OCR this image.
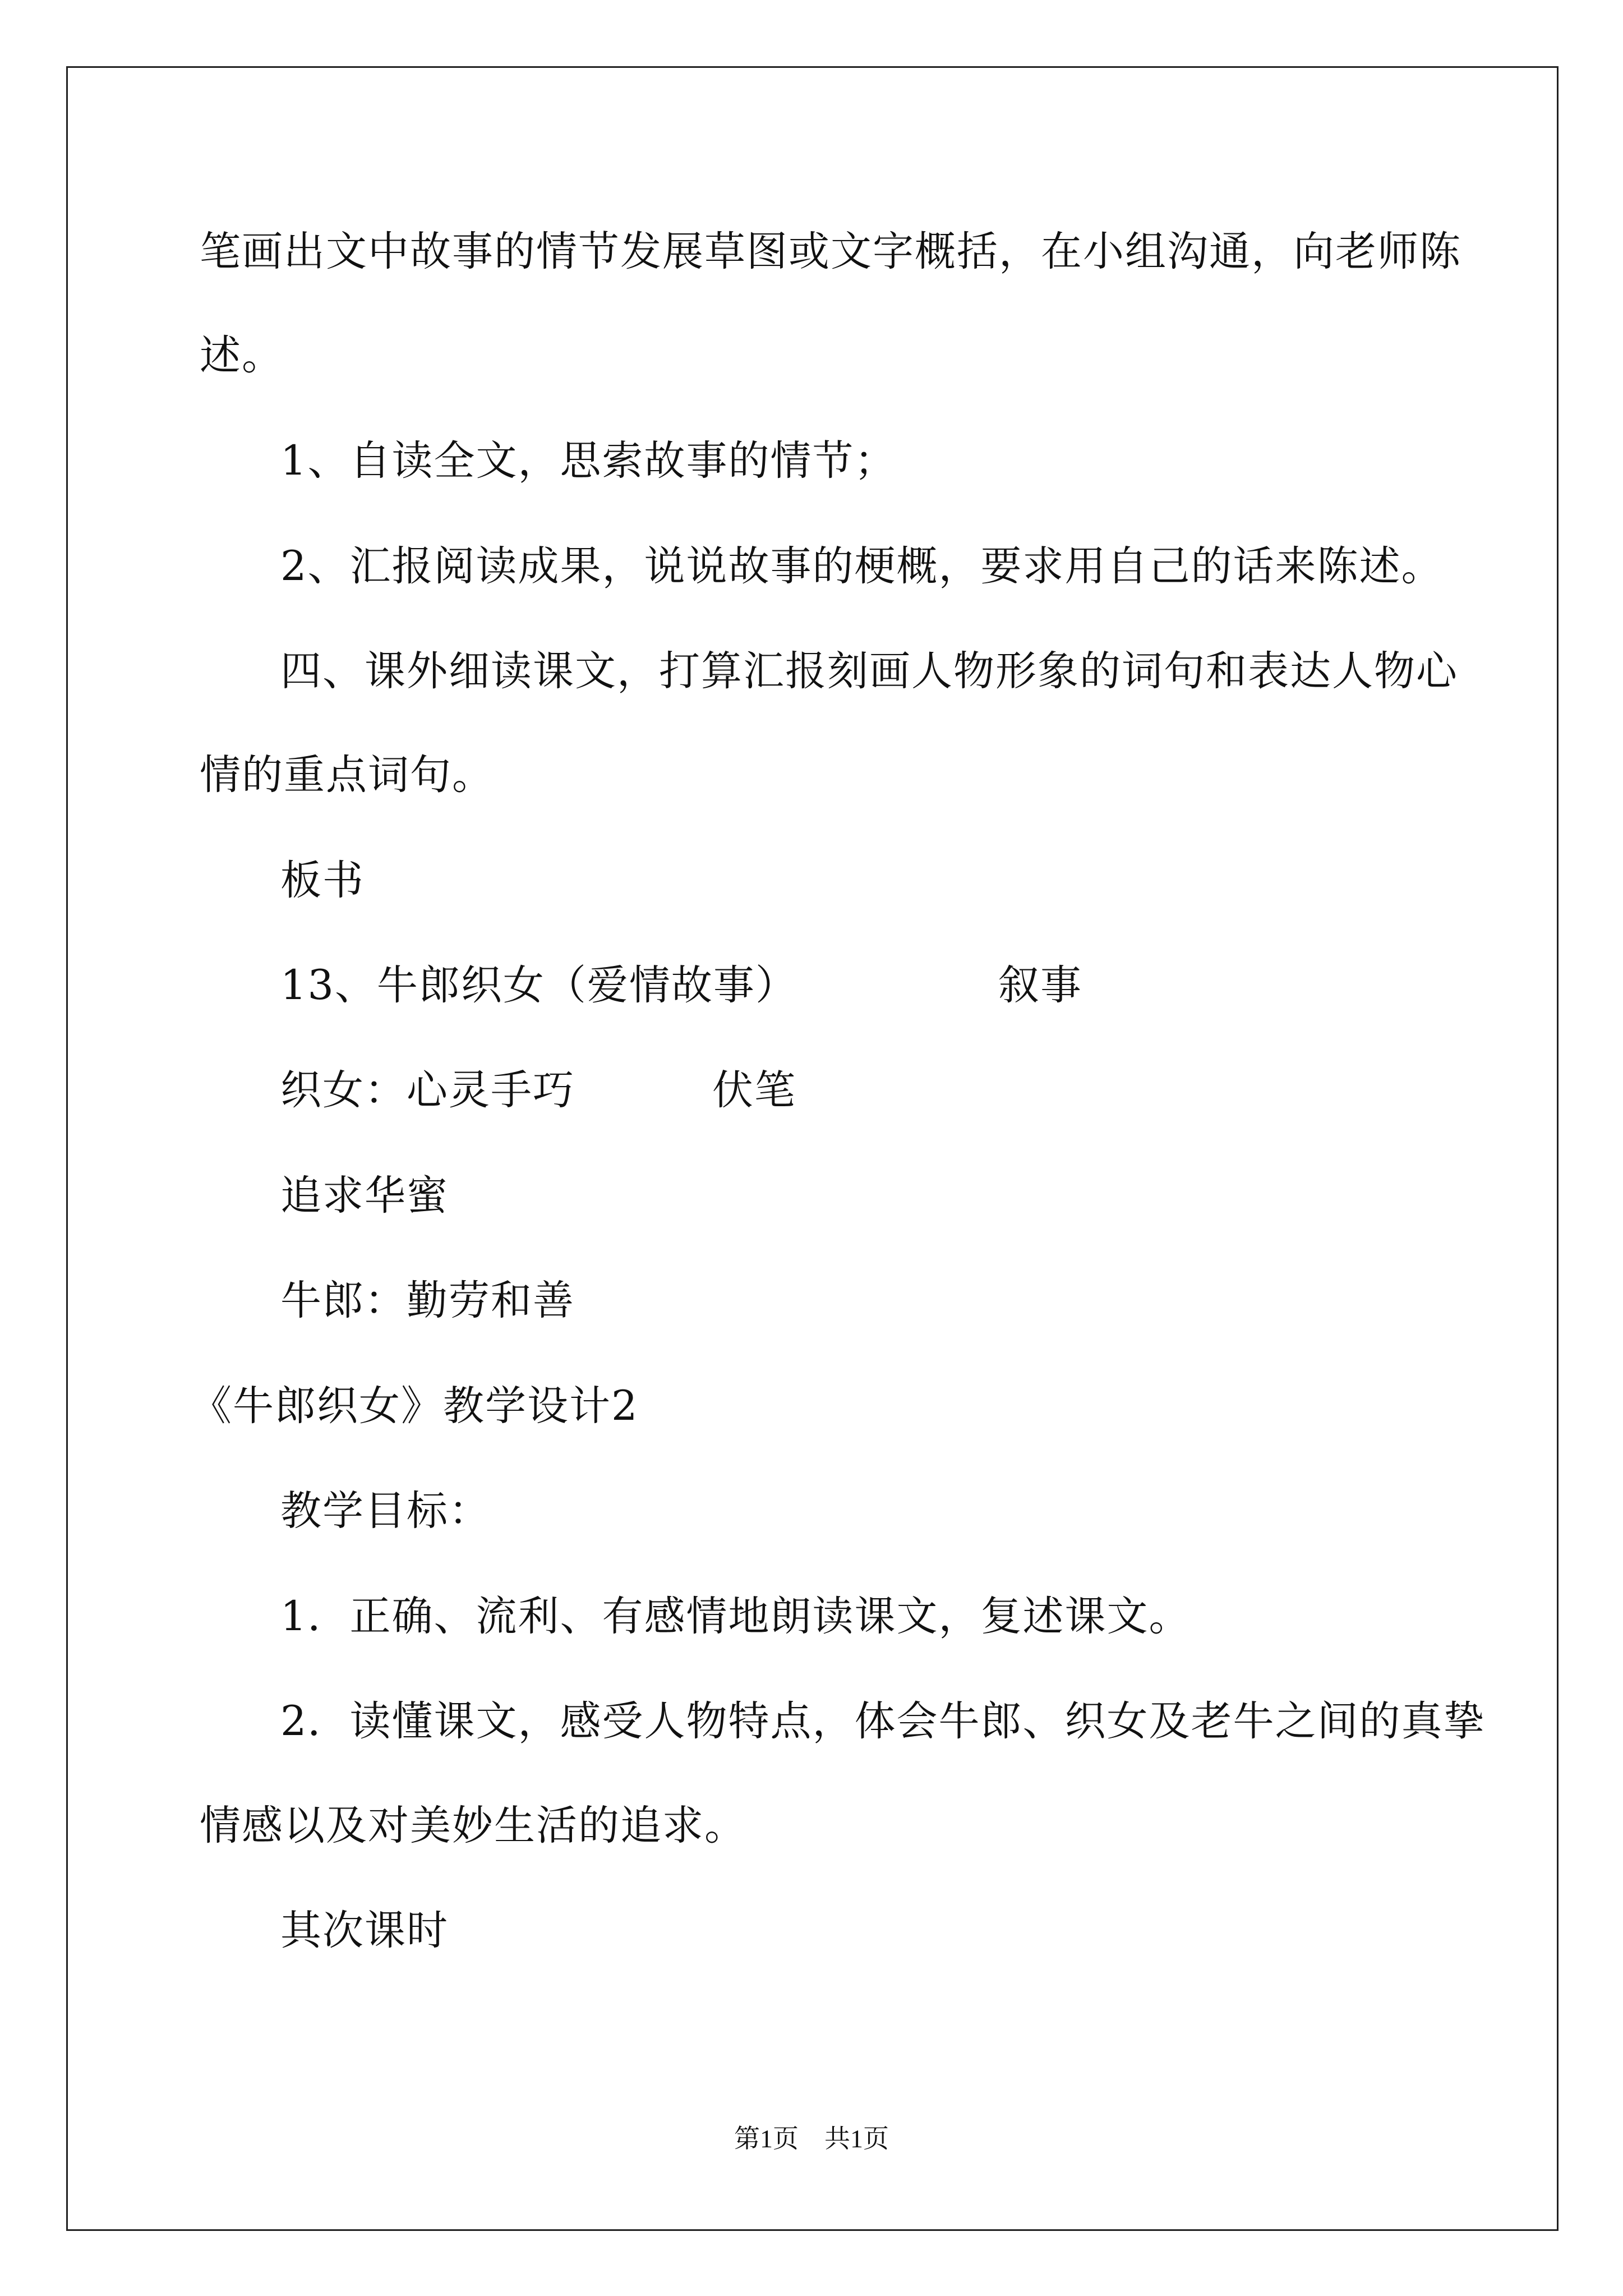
笔画出文中故事的情节发展草图或文字概括，在小组沟通，向老师陈
述。
1、自读全文，思索故事的情节；
2、汇报阅读成果，说说故事的梗概，要求用自己的话来陈述。
四、课外细读课文，打算汇报刻画人物形象的词句和表达人物心
情的重点词句。
板书
13、牛郎织女（爱情故事）	叙事
织女：心灵手巧	伏笔
追求华蜜
牛郎：勤劳和善
《牛郎织女》教学设计2
教学目标：
1．正确、流利、有感情地朗读课文，复述课文。
2．读懂课文，感受人物特点，体会牛郎、织女及老牛之间的真挚
情感以及对美妙生活的追求。
其次课时
第1页　共1页
